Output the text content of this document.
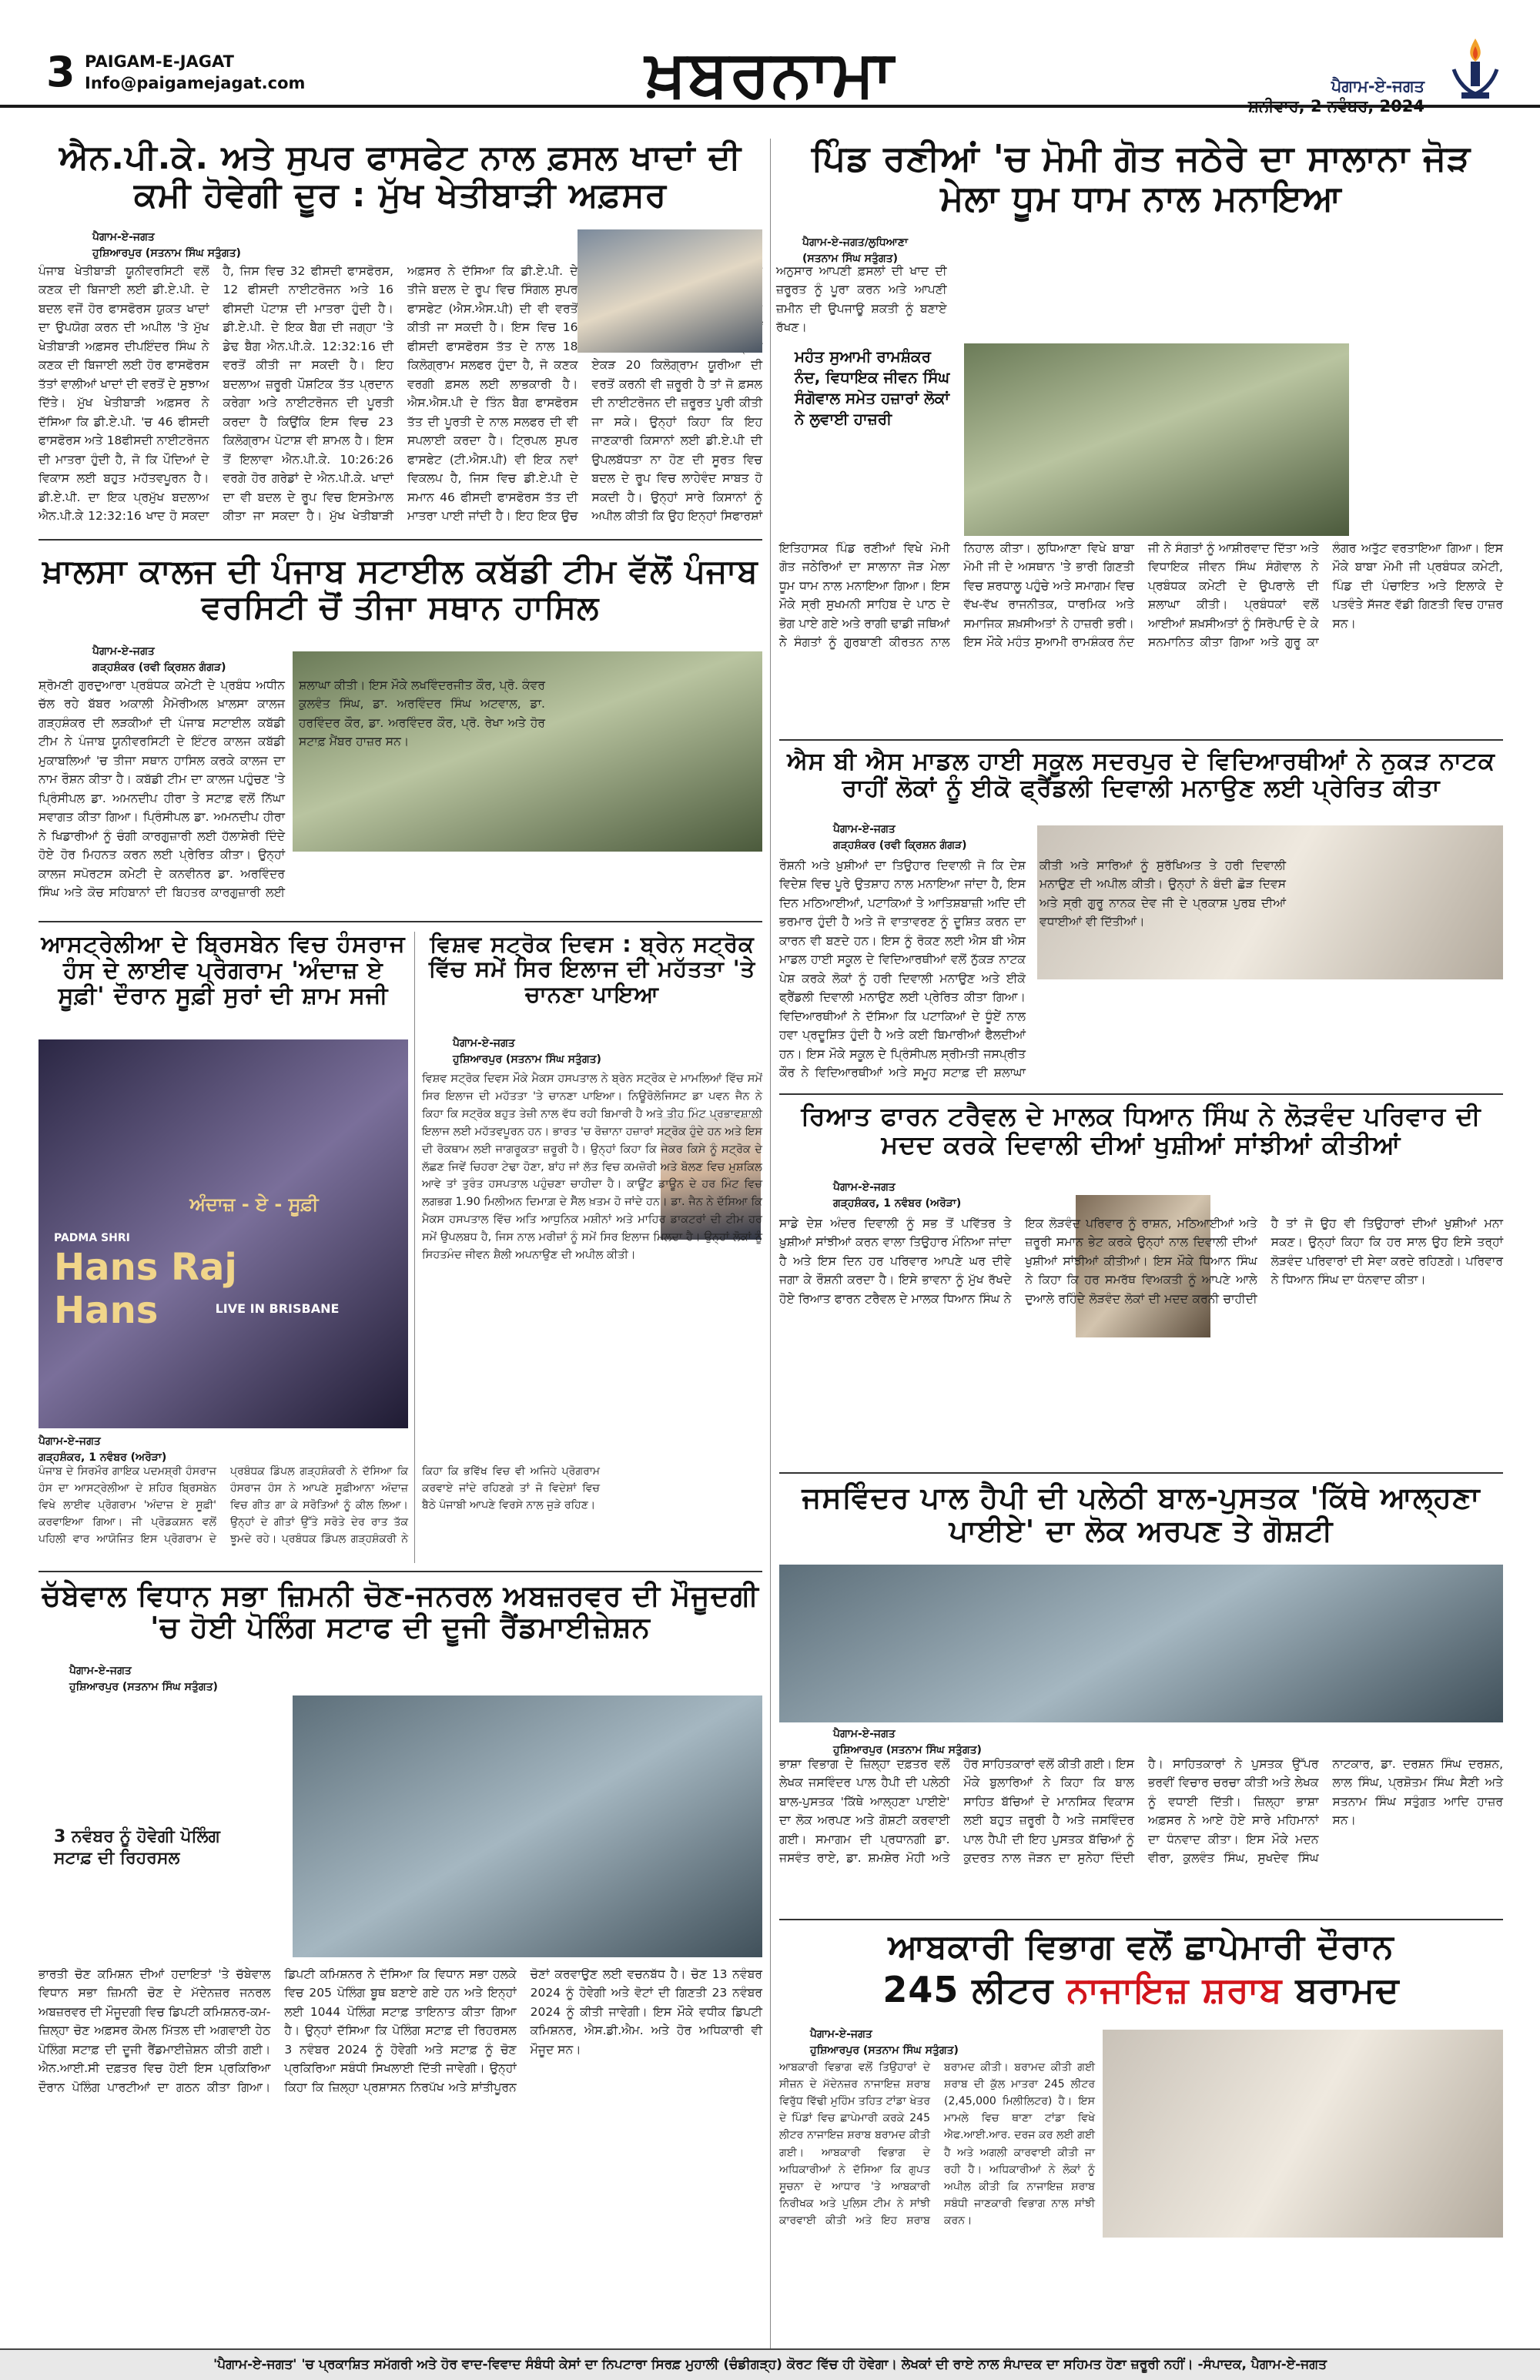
3 PAIGAM-E-JAGAT
Info@paigamejagat.com	ਖ਼ਬਰਨਾਮਾ	ਪੈਗਾਮ-ਏ-ਜਗਤ
ਸ਼ਨੀਵਾਰ, 2 ਨਵੰਬਰ, 2024
ਐਨ.ਪੀ.ਕੇ. ਅਤੇ ਸੁਪਰ ਫਾਸਫੇਟ ਨਾਲ ਫ਼ਸਲ ਖਾਦਾਂ ਦੀ ਕਮੀ ਹੋਵੇਗੀ ਦੂਰ : ਮੁੱਖ ਖੇਤੀਬਾੜੀ ਅਫ਼ਸਰ
ਪੈਗਾਮ-ਏ-ਜਗਤ
ਹੁਸ਼ਿਆਰਪੁਰ (ਸਤਨਾਮ ਸਿੰਘ ਸਤੁੰਗਤ)
ਪੰਜਾਬ ਖੇਤੀਬਾੜੀ ਯੂਨੀਵਰਸਿਟੀ ਵਲੋਂ ਕਣਕ ਦੀ ਬਿਜਾਈ ਲਈ ਡੀ.ਏ.ਪੀ. ਦੇ ਬਦਲ ਵਜੋਂ ਹੋਰ ਫਾਸਫੋਰਸ ਯੁਕਤ ਖਾਦਾਂ ਦਾ ਉਪਯੋਗ ਕਰਨ ਦੀ ਅਪੀਲ 'ਤੇ ਮੁੱਖ ਖੇਤੀਬਾੜੀ ਅਫ਼ਸਰ ਦੀਪਇੰਦਰ ਸਿੰਘ ਨੇ ਕਣਕ ਦੀ ਬਿਜਾਈ ਲਈ ਹੋਰ ਫਾਸਫੋਰਸ ਤੱਤਾਂ ਵਾਲੀਆਂ ਖਾਦਾਂ ਦੀ ਵਰਤੋਂ ਦੇ ਸੁਝਾਅ ਦਿੱਤੇ। ਮੁੱਖ ਖੇਤੀਬਾੜੀ ਅਫ਼ਸਰ ਨੇ ਦੱਸਿਆ ਕਿ ਡੀ.ਏ.ਪੀ. 'ਚ 46 ਫੀਸਦੀ ਫਾਸਫੋਰਸ ਅਤੇ 18ਫੀਸਦੀ ਨਾਈਟਰੋਜਨ ਦੀ ਮਾਤਰਾ ਹੁੰਦੀ ਹੈ, ਜੋ ਕਿ ਪੌਦਿਆਂ ਦੇ ਵਿਕਾਸ ਲਈ ਬਹੁਤ ਮਹੱਤਵਪੂਰਨ ਹੈ। ਡੀ.ਏ.ਪੀ. ਦਾ ਇਕ ਪ੍ਰਮੁੱਖ ਬਦਲਾਅ ਐਨ.ਪੀ.ਕੇ 12:32:16 ਖਾਦ ਹੋ ਸਕਦਾ ਹੈ, ਜਿਸ ਵਿਚ 32 ਫੀਸਦੀ ਫਾਸਫੋਰਸ, 12 ਫੀਸਦੀ ਨਾਈਟਰੋਜਨ ਅਤੇ 16 ਫੀਸਦੀ ਪੋਟਾਸ਼ ਦੀ ਮਾਤਰਾ ਹੁੰਦੀ ਹੈ। ਡੀ.ਏ.ਪੀ. ਦੇ ਇਕ ਬੈਗ ਦੀ ਜਗ੍ਹਾ 'ਤੇ ਡੇਢ ਬੈਗ ਐਨ.ਪੀ.ਕੇ. 12:32:16 ਦੀ ਵਰਤੋਂ ਕੀਤੀ ਜਾ ਸਕਦੀ ਹੈ। ਇਹ ਬਦਲਾਅ ਜ਼ਰੂਰੀ ਪੌਸ਼ਟਿਕ ਤੱਤ ਪ੍ਰਦਾਨ ਕਰੇਗਾ ਅਤੇ ਨਾਈਟਰੋਜਨ ਦੀ ਪੂਰਤੀ ਕਰਦਾ ਹੈ ਕਿਉਂਕਿ ਇਸ ਵਿਚ 23 ਕਿਲੋਗ੍ਰਾਮ ਪੋਟਾਸ਼ ਵੀ ਸ਼ਾਮਲ ਹੈ। ਇਸ ਤੋਂ ਇਲਾਵਾ ਐਨ.ਪੀ.ਕੇ. 10:26:26 ਵਰਗੇ ਹੋਰ ਗਰੇਡਾਂ ਦੇ ਐਨ.ਪੀ.ਕੇ. ਖਾਦਾਂ ਦਾ ਵੀ ਬਦਲ ਦੇ ਰੂਪ ਵਿਚ ਇਸਤੇਮਾਲ ਕੀਤਾ ਜਾ ਸਕਦਾ ਹੈ। ਮੁੱਖ ਖੇਤੀਬਾੜੀ ਅਫ਼ਸਰ ਨੇ ਦੱਸਿਆ ਕਿ ਡੀ.ਏ.ਪੀ. ਦੇ ਤੀਜੇ ਬਦਲ ਦੇ ਰੂਪ ਵਿਚ ਸਿੰਗਲ ਸੁਪਰ ਫਾਸਫੇਟ (ਐਸ.ਐਸ.ਪੀ) ਦੀ ਵੀ ਵਰਤੋਂ ਕੀਤੀ ਜਾ ਸਕਦੀ ਹੈ। ਇਸ ਵਿਚ 16 ਫੀਸਦੀ ਫਾਸਫੋਰਸ ਤੱਤ ਦੇ ਨਾਲ 18 ਕਿਲੋਗ੍ਰਾਮ ਸਲਫਰ ਹੁੰਦਾ ਹੈ, ਜੋ ਕਣਕ ਵਰਗੀ ਫ਼ਸਲ ਲਈ ਲਾਭਕਾਰੀ ਹੈ। ਐਸ.ਐਸ.ਪੀ ਦੇ ਤਿੰਨ ਬੈਗ ਫਾਸਫੋਰਸ ਤੱਤ ਦੀ ਪੂਰਤੀ ਦੇ ਨਾਲ ਸਲਫਰ ਦੀ ਵੀ ਸਪਲਾਈ ਕਰਦਾ ਹੈ। ਟ੍ਰਿਪਲ ਸੁਪਰ ਫਾਸਫੇਟ (ਟੀ.ਐਸ.ਪੀ) ਵੀ ਇਕ ਨਵਾਂ ਵਿਕਲਪ ਹੈ, ਜਿਸ ਵਿਚ ਡੀ.ਏ.ਪੀ ਦੇ ਸਮਾਨ 46 ਫੀਸਦੀ ਫਾਸਫੋਰਸ ਤੱਤ ਦੀ ਮਾਤਰਾ ਪਾਈ ਜਾਂਦੀ ਹੈ। ਇਹ ਇਕ ਉਚ ਏਕੜ 20 ਕਿਲੋਗ੍ਰਾਮ ਯੂਰੀਆ ਦੀ ਵਰਤੋਂ ਕਰਨੀ ਵੀ ਜ਼ਰੂਰੀ ਹੈ ਤਾਂ ਜੋ ਫ਼ਸਲ ਦੀ ਨਾਈਟਰੋਜਨ ਦੀ ਜ਼ਰੂਰਤ ਪੂਰੀ ਕੀਤੀ ਜਾ ਸਕੇ। ਉਨ੍ਹਾਂ ਕਿਹਾ ਕਿ ਇਹ ਜਾਣਕਾਰੀ ਕਿਸਾਨਾਂ ਲਈ ਡੀ.ਏ.ਪੀ ਦੀ ਉਪਲਬੱਧਤਾ ਨਾ ਹੋਣ ਦੀ ਸੂਰਤ ਵਿਚ ਬਦਲ ਦੇ ਰੂਪ ਵਿਚ ਲਾਹੇਵੰਦ ਸਾਬਤ ਹੋ ਸਕਦੀ ਹੈ। ਉਨ੍ਹਾਂ ਸਾਰੇ ਕਿਸਾਨਾਂ ਨੂੰ ਅਪੀਲ ਕੀਤੀ ਕਿ ਉਹ ਇਨ੍ਹਾਂ ਸਿਫਾਰਸ਼ਾਂ ਅਨੁਸਾਰ ਆਪਣੀ ਫ਼ਸਲਾਂ ਦੀ ਖਾਦ ਦੀ ਜ਼ਰੂਰਤ ਨੂੰ ਪੂਰਾ ਕਰਨ ਅਤੇ ਆਪਣੀ ਜ਼ਮੀਨ ਦੀ ਉਪਜਾਊ ਸ਼ਕਤੀ ਨੂੰ ਬਣਾਏ ਰੱਖਣ।
ਪਿੰਡ ਰਣੀਆਂ 'ਚ ਮੋਮੀ ਗੋਤ ਜਠੇਰੇ ਦਾ ਸਾਲਾਨਾ ਜੋੜ ਮੇਲਾ ਧੂਮ ਧਾਮ ਨਾਲ ਮਨਾਇਆ
ਪੈਗਾਮ-ਏ-ਜਗਤ/ਲੁਧਿਆਣਾ
(ਸਤਨਾਮ ਸਿੰਘ ਸਤੁੰਗਤ)
ਮਹੰਤ ਸੁਆਮੀ ਰਾਮਸ਼ੰਕਰ ਨੰਦ, ਵਿਧਾਇਕ ਜੀਵਨ ਸਿੰਘ ਸੰਗੋਵਾਲ ਸਮੇਤ ਹਜ਼ਾਰਾਂ ਲੋਕਾਂ ਨੇ ਲੁਵਾਈ ਹਾਜ਼ਰੀ
ਇਤਿਹਾਸਕ ਪਿੰਡ ਰਣੀਆਂ ਵਿਖੇ ਮੋਮੀ ਗੋਤ ਜਠੇਰਿਆਂ ਦਾ ਸਾਲਾਨਾ ਜੋੜ ਮੇਲਾ ਧੂਮ ਧਾਮ ਨਾਲ ਮਨਾਇਆ ਗਿਆ। ਇਸ ਮੌਕੇ ਸ੍ਰੀ ਸੁਖਮਨੀ ਸਾਹਿਬ ਦੇ ਪਾਠ ਦੇ ਭੋਗ ਪਾਏ ਗਏ ਅਤੇ ਰਾਗੀ ਢਾਡੀ ਜਥਿਆਂ ਨੇ ਸੰਗਤਾਂ ਨੂੰ ਗੁਰਬਾਣੀ ਕੀਰਤਨ ਨਾਲ ਨਿਹਾਲ ਕੀਤਾ। ਲੁਧਿਆਣਾ ਵਿਖੇ ਬਾਬਾ ਮੋਮੀ ਜੀ ਦੇ ਅਸਥਾਨ 'ਤੇ ਭਾਰੀ ਗਿਣਤੀ ਵਿਚ ਸ਼ਰਧਾਲੂ ਪਹੁੰਚੇ ਅਤੇ ਸਮਾਗਮ ਵਿਚ ਵੱਖ-ਵੱਖ ਰਾਜਨੀਤਕ, ਧਾਰਮਿਕ ਅਤੇ ਸਮਾਜਿਕ ਸ਼ਖ਼ਸੀਅਤਾਂ ਨੇ ਹਾਜ਼ਰੀ ਭਰੀ। ਇਸ ਮੌਕੇ ਮਹੰਤ ਸੁਆਮੀ ਰਾਮਸ਼ੰਕਰ ਨੰਦ ਜੀ ਨੇ ਸੰਗਤਾਂ ਨੂੰ ਆਸ਼ੀਰਵਾਦ ਦਿੱਤਾ ਅਤੇ ਵਿਧਾਇਕ ਜੀਵਨ ਸਿੰਘ ਸੰਗੋਵਾਲ ਨੇ ਪ੍ਰਬੰਧਕ ਕਮੇਟੀ ਦੇ ਉਪਰਾਲੇ ਦੀ ਸ਼ਲਾਘਾ ਕੀਤੀ। ਪ੍ਰਬੰਧਕਾਂ ਵਲੋਂ ਆਈਆਂ ਸ਼ਖ਼ਸੀਅਤਾਂ ਨੂੰ ਸਿਰੋਪਾਓ ਦੇ ਕੇ ਸਨਮਾਨਿਤ ਕੀਤਾ ਗਿਆ ਅਤੇ ਗੁਰੂ ਕਾ ਲੰਗਰ ਅਤੁੱਟ ਵਰਤਾਇਆ ਗਿਆ। ਇਸ ਮੌਕੇ ਬਾਬਾ ਮੋਮੀ ਜੀ ਪ੍ਰਬੰਧਕ ਕਮੇਟੀ, ਪਿੰਡ ਦੀ ਪੰਚਾਇਤ ਅਤੇ ਇਲਾਕੇ ਦੇ ਪਤਵੰਤੇ ਸੱਜਣ ਵੱਡੀ ਗਿਣਤੀ ਵਿਚ ਹਾਜ਼ਰ ਸਨ।
ਖ਼ਾਲਸਾ ਕਾਲਜ ਦੀ ਪੰਜਾਬ ਸਟਾਈਲ ਕਬੱਡੀ ਟੀਮ ਵੱਲੋਂ ਪੰਜਾਬ ਵਰਸਿਟੀ ਚੋਂ ਤੀਜਾ ਸਥਾਨ ਹਾਸਿਲ
ਪੈਗਾਮ-ਏ-ਜਗਤ
ਗੜ੍ਹਸ਼ੰਕਰ (ਰਵੀ ਕ੍ਰਿਸ਼ਨ ਗੰਗੜ)
ਸ਼੍ਰੋਮਣੀ ਗੁਰਦੁਆਰਾ ਪ੍ਰਬੰਧਕ ਕਮੇਟੀ ਦੇ ਪ੍ਰਬੰਧ ਅਧੀਨ ਚੱਲ ਰਹੇ ਬੱਬਰ ਅਕਾਲੀ ਮੈਮੋਰੀਅਲ ਖ਼ਾਲਸਾ ਕਾਲਜ ਗੜ੍ਹਸ਼ੰਕਰ ਦੀ ਲੜਕੀਆਂ ਦੀ ਪੰਜਾਬ ਸਟਾਈਲ ਕਬੱਡੀ ਟੀਮ ਨੇ ਪੰਜਾਬ ਯੂਨੀਵਰਸਿਟੀ ਦੇ ਇੰਟਰ ਕਾਲਜ ਕਬੱਡੀ ਮੁਕਾਬਲਿਆਂ 'ਚ ਤੀਜਾ ਸਥਾਨ ਹਾਸਿਲ ਕਰਕੇ ਕਾਲਜ ਦਾ ਨਾਮ ਰੌਸ਼ਨ ਕੀਤਾ ਹੈ। ਕਬੱਡੀ ਟੀਮ ਦਾ ਕਾਲਜ ਪਹੁੰਚਣ 'ਤੇ ਪ੍ਰਿੰਸੀਪਲ ਡਾ. ਅਮਨਦੀਪ ਹੀਰਾ ਤੇ ਸਟਾਫ਼ ਵਲੋਂ ਨਿੱਘਾ ਸਵਾਗਤ ਕੀਤਾ ਗਿਆ। ਪ੍ਰਿੰਸੀਪਲ ਡਾ. ਅਮਨਦੀਪ ਹੀਰਾ ਨੇ ਖਿਡਾਰੀਆਂ ਨੂੰ ਚੰਗੀ ਕਾਰਗੁਜ਼ਾਰੀ ਲਈ ਹੱਲਾਸ਼ੇਰੀ ਦਿੰਦੇ ਹੋਏ ਹੋਰ ਮਿਹਨਤ ਕਰਨ ਲਈ ਪ੍ਰੇਰਿਤ ਕੀਤਾ। ਉਨ੍ਹਾਂ ਕਾਲਜ ਸਪੋਰਟਸ ਕਮੇਟੀ ਦੇ ਕਨਵੀਨਰ ਡਾ. ਅਰਵਿੰਦਰ ਸਿੰਘ ਅਤੇ ਕੋਚ ਸਹਿਬਾਨਾਂ ਦੀ ਬਿਹਤਰ ਕਾਰਗੁਜ਼ਾਰੀ ਲਈ
ਐਸ ਬੀ ਐਸ ਮਾਡਲ ਹਾਈ ਸਕੂਲ ਸਦਰਪੁਰ ਦੇ ਵਿਦਿਆਰਥੀਆਂ ਨੇ ਨੁਕੜ ਨਾਟਕ ਰਾਹੀਂ ਲੋਕਾਂ ਨੂੰ ਈਕੋ ਫ੍ਰੈਂਡਲੀ ਦਿਵਾਲੀ ਮਨਾਉਣ ਲਈ ਪ੍ਰੇਰਿਤ ਕੀਤਾ
ਪੈਗਾਮ-ਏ-ਜਗਤ
ਗੜ੍ਹਸ਼ੰਕਰ (ਰਵੀ ਕ੍ਰਿਸ਼ਨ ਗੰਗੜ)
ਰੌਸ਼ਨੀ ਅਤੇ ਖ਼ੁਸ਼ੀਆਂ ਦਾ ਤਿਉਹਾਰ ਦਿਵਾਲੀ ਜੋ ਕਿ ਦੇਸ਼ ਵਿਦੇਸ਼ ਵਿਚ ਪੂਰੇ ਉਤਸ਼ਾਹ ਨਾਲ ਮਨਾਇਆ ਜਾਂਦਾ ਹੈ, ਇਸ ਦਿਨ ਮਠਿਆਈਆਂ, ਪਟਾਕਿਆਂ ਤੇ ਆਤਿਸ਼ਬਾਜ਼ੀ ਅਦਿ ਦੀ ਭਰਮਾਰ ਹੁੰਦੀ ਹੈ ਅਤੇ ਜੋ ਵਾਤਾਵਰਣ ਨੂੰ ਦੂਸ਼ਿਤ ਕਰਨ ਦਾ ਕਾਰਨ ਵੀ ਬਣਦੇ ਹਨ। ਇਸ ਨੂੰ ਰੋਕਣ ਲਈ ਐਸ ਬੀ ਐਸ ਮਾਡਲ ਹਾਈ ਸਕੂਲ ਦੇ ਵਿਦਿਆਰਥੀਆਂ ਵਲੋਂ ਨੁੱਕੜ ਨਾਟਕ ਪੇਸ਼ ਕਰਕੇ ਲੋਕਾਂ ਨੂੰ ਹਰੀ ਦਿਵਾਲੀ ਮਨਾਉਣ ਅਤੇ ਈਕੋ ਫ੍ਰੈਂਡਲੀ ਦਿਵਾਲੀ ਮਨਾਉਣ ਲਈ ਪ੍ਰੇਰਿਤ ਕੀਤਾ ਗਿਆ। ਵਿਦਿਆਰਥੀਆਂ ਨੇ ਦੱਸਿਆ ਕਿ ਪਟਾਕਿਆਂ ਦੇ ਧੂੰਏਂ ਨਾਲ ਹਵਾ ਪ੍ਰਦੂਸ਼ਿਤ ਹੁੰਦੀ ਹੈ ਅਤੇ ਕਈ ਬਿਮਾਰੀਆਂ ਫੈਲਦੀਆਂ ਹਨ। ਇਸ ਮੌਕੇ ਸਕੂਲ ਦੇ ਪ੍ਰਿੰਸੀਪਲ ਸ੍ਰੀਮਤੀ ਜਸਪ੍ਰੀਤ ਕੌਰ ਨੇ ਵਿਦਿਆਰਥੀਆਂ ਅਤੇ ਸਮੂਹ ਸਟਾਫ਼ ਦੀ ਸ਼ਲਾਘਾ
ਆਸਟ੍ਰੇਲੀਆ ਦੇ ਬ੍ਰਿਸਬੇਨ ਵਿਚ ਹੰਸਰਾਜ ਹੰਸ ਦੇ ਲਾਈਵ ਪ੍ਰੋਗਰਾਮ 'ਅੰਦਾਜ਼ ਏ ਸੂਫ਼ੀ' ਦੌਰਾਨ ਸੂਫ਼ੀ ਸੁਰਾਂ ਦੀ ਸ਼ਾਮ ਸਜੀ
ਅੰਦਾਜ਼ - ਏ - ਸੂਫ਼ੀ
PADMA SHRI
Hans Raj Hans	LIVE IN BRISBANE
ਪੈਗਾਮ-ਏ-ਜਗਤ
ਗੜ੍ਹਸ਼ੰਕਰ, 1 ਨਵੰਬਰ (ਅਰੋੜਾ)
ਪੰਜਾਬ ਦੇ ਸਿਰਮੌਰ ਗਾਇਕ ਪਦਮਸ਼੍ਰੀ ਹੰਸਰਾਜ ਹੰਸ ਦਾ ਆਸਟ੍ਰੇਲੀਆ ਦੇ ਸ਼ਹਿਰ ਬ੍ਰਿਸਬੇਨ ਵਿਖੇ ਲਾਈਵ ਪ੍ਰੋਗਰਾਮ 'ਅੰਦਾਜ਼ ਏ ਸੂਫ਼ੀ' ਕਰਵਾਇਆ ਗਿਆ। ਜੀ ਪ੍ਰੋਡਕਸ਼ਨ ਵਲੋਂ ਪਹਿਲੀ ਵਾਰ ਆਯੋਜਿਤ ਇਸ ਪ੍ਰੋਗਰਾਮ ਦੇ ਪ੍ਰਬੰਧਕ ਡਿੰਪਲ ਗੜ੍ਹਸ਼ੰਕਰੀ ਨੇ ਦੱਸਿਆ ਕਿ ਹੰਸਰਾਜ ਹੰਸ ਨੇ ਆਪਣੇ ਸੂਫ਼ੀਆਨਾ ਅੰਦਾਜ਼ ਵਿਚ ਗੀਤ ਗਾ ਕੇ ਸਰੋਤਿਆਂ ਨੂੰ ਕੀਲ ਲਿਆ। ਉਨ੍ਹਾਂ ਦੇ ਗੀਤਾਂ ਉੱਤੇ ਸਰੋਤੇ ਦੇਰ ਰਾਤ ਤੱਕ ਝੂਮਦੇ ਰਹੇ। ਪ੍ਰਬੰਧਕ ਡਿੰਪਲ ਗੜ੍ਹਸ਼ੰਕਰੀ ਨੇ ਕਿਹਾ ਕਿ ਭਵਿੱਖ ਵਿਚ ਵੀ ਅਜਿਹੇ ਪ੍ਰੋਗਰਾਮ ਕਰਵਾਏ ਜਾਂਦੇ ਰਹਿਣਗੇ ਤਾਂ ਜੋ ਵਿਦੇਸ਼ਾਂ ਵਿਚ ਬੈਠੇ ਪੰਜਾਬੀ ਆਪਣੇ ਵਿਰਸੇ ਨਾਲ ਜੁੜੇ ਰਹਿਣ।
ਵਿਸ਼ਵ ਸਟ੍ਰੋਕ ਦਿਵਸ : ਬ੍ਰੇਨ ਸਟ੍ਰੋਕ ਵਿੱਚ ਸਮੇਂ ਸਿਰ ਇਲਾਜ ਦੀ ਮਹੱਤਤਾ 'ਤੇ ਚਾਨਣਾ ਪਾਇਆ
ਪੈਗਾਮ-ਏ-ਜਗਤ
ਹੁਸ਼ਿਆਰਪੁਰ (ਸਤਨਾਮ ਸਿੰਘ ਸਤੁੰਗਤ)
ਵਿਸ਼ਵ ਸਟ੍ਰੋਕ ਦਿਵਸ ਮੌਕੇ ਮੈਕਸ ਹਸਪਤਾਲ ਨੇ ਬ੍ਰੇਨ ਸਟ੍ਰੋਕ ਦੇ ਮਾਮਲਿਆਂ ਵਿੱਚ ਸਮੇਂ ਸਿਰ ਇਲਾਜ ਦੀ ਮਹੱਤਤਾ 'ਤੇ ਚਾਨਣਾ ਪਾਇਆ। ਨਿਊਰੋਲੋਜਿਸਟ ਡਾ ਪਵਨ ਜੈਨ ਨੇ ਕਿਹਾ ਕਿ ਸਟ੍ਰੋਕ ਬਹੁਤ ਤੇਜ਼ੀ ਨਾਲ ਵੱਧ ਰਹੀ ਬਿਮਾਰੀ ਹੈ ਅਤੇ ਤੀਹ ਮਿੰਟ ਪ੍ਰਭਾਵਸ਼ਾਲੀ ਇਲਾਜ ਲਈ ਮਹੱਤਵਪੂਰਨ ਹਨ। ਭਾਰਤ 'ਚ ਰੋਜ਼ਾਨਾ ਹਜ਼ਾਰਾਂ ਸਟ੍ਰੋਕ ਹੁੰਦੇ ਹਨ ਅਤੇ ਇਸ ਦੀ ਰੋਕਥਾਮ ਲਈ ਜਾਗਰੂਕਤਾ ਜ਼ਰੂਰੀ ਹੈ। ਉਨ੍ਹਾਂ ਕਿਹਾ ਕਿ ਜੇਕਰ ਕਿਸੇ ਨੂੰ ਸਟ੍ਰੋਕ ਦੇ ਲੱਛਣ ਜਿਵੇਂ ਚਿਹਰਾ ਟੇਢਾ ਹੋਣਾ, ਬਾਂਹ ਜਾਂ ਲੱਤ ਵਿਚ ਕਮਜ਼ੋਰੀ ਅਤੇ ਬੋਲਣ ਵਿਚ ਮੁਸ਼ਕਿਲ ਆਵੇ ਤਾਂ ਤੁਰੰਤ ਹਸਪਤਾਲ ਪਹੁੰਚਣਾ ਚਾਹੀਦਾ ਹੈ। ਕਾਊਂਟ ਡਾਊਨ ਦੇ ਹਰ ਮਿੰਟ ਵਿਚ ਲਗਭਗ 1.90 ਮਿਲੀਅਨ ਦਿਮਾਗ਼ ਦੇ ਸੈੱਲ ਖ਼ਤਮ ਹੋ ਜਾਂਦੇ ਹਨ। ਡਾ. ਜੈਨ ਨੇ ਦੱਸਿਆ ਕਿ ਮੈਕਸ ਹਸਪਤਾਲ ਵਿੱਚ ਅਤਿ ਆਧੁਨਿਕ ਮਸ਼ੀਨਾਂ ਅਤੇ ਮਾਹਿਰ ਡਾਕਟਰਾਂ ਦੀ ਟੀਮ ਹਰ ਸਮੇਂ ਉਪਲਬਧ ਹੈ, ਜਿਸ ਨਾਲ ਮਰੀਜ਼ਾਂ ਨੂੰ ਸਮੇਂ ਸਿਰ ਇਲਾਜ ਮਿਲਦਾ ਹੈ। ਉਨ੍ਹਾਂ ਲੋਕਾਂ ਨੂੰ ਸਿਹਤਮੰਦ ਜੀਵਨ ਸ਼ੈਲੀ ਅਪਨਾਉਣ ਦੀ ਅਪੀਲ ਕੀਤੀ।
ਰਿਆਤ ਫਾਰਨ ਟਰੈਵਲ ਦੇ ਮਾਲਕ ਧਿਆਨ ਸਿੰਘ ਨੇ ਲੋੜਵੰਦ ਪਰਿਵਾਰ ਦੀ ਮਦਦ ਕਰਕੇ ਦਿਵਾਲੀ ਦੀਆਂ ਖੁਸ਼ੀਆਂ ਸਾਂਝੀਆਂ ਕੀਤੀਆਂ
ਪੈਗਾਮ-ਏ-ਜਗਤ
ਗੜ੍ਹਸ਼ੰਕਰ, 1 ਨਵੰਬਰ (ਅਰੋੜਾ)
ਸਾਡੇ ਦੇਸ਼ ਅੰਦਰ ਦਿਵਾਲੀ ਨੂੰ ਸਭ ਤੋਂ ਪਵਿੱਤਰ ਤੇ ਖ਼ੁਸ਼ੀਆਂ ਸਾਂਝੀਆਂ ਕਰਨ ਵਾਲਾ ਤਿਉਹਾਰ ਮੰਨਿਆ ਜਾਂਦਾ ਹੈ ਅਤੇ ਇਸ ਦਿਨ ਹਰ ਪਰਿਵਾਰ ਆਪਣੇ ਘਰ ਦੀਵੇ ਜਗਾ ਕੇ ਰੌਸ਼ਨੀ ਕਰਦਾ ਹੈ। ਇਸੇ ਭਾਵਨਾ ਨੂੰ ਮੁੱਖ ਰੱਖਦੇ ਹੋਏ ਰਿਆਤ ਫਾਰਨ ਟਰੈਵਲ ਦੇ ਮਾਲਕ ਧਿਆਨ ਸਿੰਘ ਨੇ ਇਕ ਲੋੜਵੰਦ ਪਰਿਵਾਰ ਨੂੰ ਰਾਸ਼ਨ, ਮਠਿਆਈਆਂ ਅਤੇ ਜ਼ਰੂਰੀ ਸਮਾਨ ਭੇਟ ਕਰਕੇ ਉਨ੍ਹਾਂ ਨਾਲ ਦਿਵਾਲੀ ਦੀਆਂ ਖੁਸ਼ੀਆਂ ਸਾਂਝੀਆਂ ਕੀਤੀਆਂ। ਇਸ ਮੌਕੇ ਧਿਆਨ ਸਿੰਘ ਨੇ ਕਿਹਾ ਕਿ ਹਰ ਸਮਰੱਥ ਵਿਅਕਤੀ ਨੂੰ ਆਪਣੇ ਆਲੇ ਦੁਆਲੇ ਰਹਿੰਦੇ ਲੋੜਵੰਦ ਲੋਕਾਂ ਦੀ ਮਦਦ ਕਰਨੀ ਚਾਹੀਦੀ ਹੈ ਤਾਂ ਜੋ ਉਹ ਵੀ ਤਿਉਹਾਰਾਂ ਦੀਆਂ ਖੁਸ਼ੀਆਂ ਮਨਾ ਸਕਣ। ਉਨ੍ਹਾਂ ਕਿਹਾ ਕਿ ਹਰ ਸਾਲ ਉਹ ਇਸੇ ਤਰ੍ਹਾਂ ਲੋੜਵੰਦ ਪਰਿਵਾਰਾਂ ਦੀ ਸੇਵਾ ਕਰਦੇ ਰਹਿਣਗੇ। ਪਰਿਵਾਰ ਨੇ ਧਿਆਨ ਸਿੰਘ ਦਾ ਧੰਨਵਾਦ ਕੀਤਾ।
ਜਸਵਿੰਦਰ ਪਾਲ ਹੈਪੀ ਦੀ ਪਲੇਠੀ ਬਾਲ-ਪੁਸਤਕ 'ਕਿੱਥੇ ਆਲ੍ਹਣਾ ਪਾਈਏ' ਦਾ ਲੋਕ ਅਰਪਣ ਤੇ ਗੋਸ਼ਟੀ
ਪੈਗਾਮ-ਏ-ਜਗਤ
ਹੁਸ਼ਿਆਰਪੁਰ (ਸਤਨਾਮ ਸਿੰਘ ਸਤੁੰਗਤ)
ਭਾਸ਼ਾ ਵਿਭਾਗ ਦੇ ਜ਼ਿਲ੍ਹਾ ਦਫ਼ਤਰ ਵਲੋਂ ਲੇਖਕ ਜਸਵਿੰਦਰ ਪਾਲ ਹੈਪੀ ਦੀ ਪਲੇਠੀ ਬਾਲ-ਪੁਸਤਕ 'ਕਿੱਥੇ ਆਲ੍ਹਣਾ ਪਾਈਏ' ਦਾ ਲੋਕ ਅਰਪਣ ਅਤੇ ਗੋਸ਼ਟੀ ਕਰਵਾਈ ਗਈ। ਸਮਾਗਮ ਦੀ ਪ੍ਰਧਾਨਗੀ ਡਾ. ਜਸਵੰਤ ਰਾਏ, ਡਾ. ਸ਼ਮਸ਼ੇਰ ਮੋਹੀ ਅਤੇ ਹੋਰ ਸਾਹਿਤਕਾਰਾਂ ਵਲੋਂ ਕੀਤੀ ਗਈ। ਇਸ ਮੌਕੇ ਬੁਲਾਰਿਆਂ ਨੇ ਕਿਹਾ ਕਿ ਬਾਲ ਸਾਹਿਤ ਬੱਚਿਆਂ ਦੇ ਮਾਨਸਿਕ ਵਿਕਾਸ ਲਈ ਬਹੁਤ ਜ਼ਰੂਰੀ ਹੈ ਅਤੇ ਜਸਵਿੰਦਰ ਪਾਲ ਹੈਪੀ ਦੀ ਇਹ ਪੁਸਤਕ ਬੱਚਿਆਂ ਨੂੰ ਕੁਦਰਤ ਨਾਲ ਜੋੜਨ ਦਾ ਸੁਨੇਹਾ ਦਿੰਦੀ ਹੈ। ਸਾਹਿਤਕਾਰਾਂ ਨੇ ਪੁਸਤਕ ਉੱਪਰ ਭਰਵੀਂ ਵਿਚਾਰ ਚਰਚਾ ਕੀਤੀ ਅਤੇ ਲੇਖਕ ਨੂੰ ਵਧਾਈ ਦਿੱਤੀ। ਜ਼ਿਲ੍ਹਾ ਭਾਸ਼ਾ ਅਫ਼ਸਰ ਨੇ ਆਏ ਹੋਏ ਸਾਰੇ ਮਹਿਮਾਨਾਂ ਦਾ ਧੰਨਵਾਦ ਕੀਤਾ। ਇਸ ਮੌਕੇ ਮਦਨ ਵੀਰਾ, ਕੁਲਵੰਤ ਸਿੰਘ, ਸੁਖਦੇਵ ਸਿੰਘ ਨਾਟਕਾਰ, ਡਾ. ਦਰਸ਼ਨ ਸਿੰਘ ਦਰਸ਼ਨ, ਲਾਲ ਸਿੰਘ, ਪ੍ਰਸ਼ੋਤਮ ਸਿੰਘ ਸੈਣੀ ਅਤੇ ਸਤਨਾਮ ਸਿੰਘ ਸਤੁੰਗਤ ਆਦਿ ਹਾਜ਼ਰ ਸਨ।
ਚੱਬੇਵਾਲ ਵਿਧਾਨ ਸਭਾ ਜ਼ਿਮਨੀ ਚੋਣ-ਜਨਰਲ ਅਬਜ਼ਰਵਰ ਦੀ ਮੌਜੂਦਗੀ 'ਚ ਹੋਈ ਪੋਲਿੰਗ ਸਟਾਫ ਦੀ ਦੂਜੀ ਰੈਂਡਮਾਈਜ਼ੇਸ਼ਨ
ਪੈਗਾਮ-ਏ-ਜਗਤ
ਹੁਸ਼ਿਆਰਪੁਰ (ਸਤਨਾਮ ਸਿੰਘ ਸਤੁੰਗਤ)
3 ਨਵੰਬਰ ਨੂੰ ਹੋਵੇਗੀ ਪੋਲਿੰਗ ਸਟਾਫ਼ ਦੀ ਰਿਹਰਸਲ
ਭਾਰਤੀ ਚੋਣ ਕਮਿਸ਼ਨ ਦੀਆਂ ਹਦਾਇਤਾਂ 'ਤੇ ਚੱਬੇਵਾਲ ਵਿਧਾਨ ਸਭਾ ਜ਼ਿਮਨੀ ਚੋਣ ਦੇ ਮੱਦੇਨਜ਼ਰ ਜਨਰਲ ਅਬਜ਼ਰਵਰ ਦੀ ਮੌਜੂਦਗੀ ਵਿਚ ਡਿਪਟੀ ਕਮਿਸ਼ਨਰ-ਕਮ-ਜ਼ਿਲ੍ਹਾ ਚੋਣ ਅਫ਼ਸਰ ਕੋਮਲ ਮਿੱਤਲ ਦੀ ਅਗਵਾਈ ਹੇਠ ਪੋਲਿੰਗ ਸਟਾਫ਼ ਦੀ ਦੂਜੀ ਰੈਂਡਮਾਈਜ਼ੇਸ਼ਨ ਕੀਤੀ ਗਈ। ਐਨ.ਆਈ.ਸੀ ਦਫ਼ਤਰ ਵਿਚ ਹੋਈ ਇਸ ਪ੍ਰਕਿਰਿਆ ਦੌਰਾਨ ਪੋਲਿੰਗ ਪਾਰਟੀਆਂ ਦਾ ਗਠਨ ਕੀਤਾ ਗਿਆ। ਡਿਪਟੀ ਕਮਿਸ਼ਨਰ ਨੇ ਦੱਸਿਆ ਕਿ ਵਿਧਾਨ ਸਭਾ ਹਲਕੇ ਵਿਚ 205 ਪੋਲਿੰਗ ਬੂਥ ਬਣਾਏ ਗਏ ਹਨ ਅਤੇ ਇਨ੍ਹਾਂ ਲਈ 1044 ਪੋਲਿੰਗ ਸਟਾਫ਼ ਤਾਇਨਾਤ ਕੀਤਾ ਗਿਆ ਹੈ। ਉਨ੍ਹਾਂ ਦੱਸਿਆ ਕਿ ਪੋਲਿੰਗ ਸਟਾਫ਼ ਦੀ ਰਿਹਰਸਲ 3 ਨਵੰਬਰ 2024 ਨੂੰ ਹੋਵੇਗੀ ਅਤੇ ਸਟਾਫ਼ ਨੂੰ ਚੋਣ ਪ੍ਰਕਿਰਿਆ ਸਬੰਧੀ ਸਿਖਲਾਈ ਦਿੱਤੀ ਜਾਵੇਗੀ। ਉਨ੍ਹਾਂ ਕਿਹਾ ਕਿ ਜ਼ਿਲ੍ਹਾ ਪ੍ਰਸ਼ਾਸਨ ਨਿਰਪੱਖ ਅਤੇ ਸ਼ਾਂਤੀਪੂਰਨ ਚੋਣਾਂ ਕਰਵਾਉਣ ਲਈ ਵਚਨਬੱਧ ਹੈ। ਚੋਣ 13 ਨਵੰਬਰ 2024 ਨੂੰ ਹੋਵੇਗੀ ਅਤੇ ਵੋਟਾਂ ਦੀ ਗਿਣਤੀ 23 ਨਵੰਬਰ 2024 ਨੂੰ ਕੀਤੀ ਜਾਵੇਗੀ। ਇਸ ਮੌਕੇ ਵਧੀਕ ਡਿਪਟੀ ਕਮਿਸ਼ਨਰ, ਐਸ.ਡੀ.ਐਮ. ਅਤੇ ਹੋਰ ਅਧਿਕਾਰੀ ਵੀ ਮੌਜੂਦ ਸਨ।
ਆਬਕਾਰੀ ਵਿਭਾਗ ਵਲੋਂ ਛਾਪੇਮਾਰੀ ਦੌਰਾਨ
245 ਲੀਟਰ ਨਾਜਾਇਜ਼ ਸ਼ਰਾਬ ਬਰਾਮਦ
ਪੈਗਾਮ-ਏ-ਜਗਤ
ਹੁਸ਼ਿਆਰਪੁਰ (ਸਤਨਾਮ ਸਿੰਘ ਸਤੁੰਗਤ)
ਆਬਕਾਰੀ ਵਿਭਾਗ ਵਲੋਂ ਤਿਉਹਾਰਾਂ ਦੇ ਸੀਜ਼ਨ ਦੇ ਮੱਦੇਨਜ਼ਰ ਨਾਜਾਇਜ਼ ਸ਼ਰਾਬ ਵਿਰੁੱਧ ਵਿੱਢੀ ਮੁਹਿੰਮ ਤਹਿਤ ਟਾਂਡਾ ਖੇਤਰ ਦੇ ਪਿੰਡਾਂ ਵਿਚ ਛਾਪੇਮਾਰੀ ਕਰਕੇ 245 ਲੀਟਰ ਨਾਜਾਇਜ਼ ਸ਼ਰਾਬ ਬਰਾਮਦ ਕੀਤੀ ਗਈ। ਆਬਕਾਰੀ ਵਿਭਾਗ ਦੇ ਅਧਿਕਾਰੀਆਂ ਨੇ ਦੱਸਿਆ ਕਿ ਗੁਪਤ ਸੂਚਨਾ ਦੇ ਆਧਾਰ 'ਤੇ ਆਬਕਾਰੀ ਨਿਰੀਖਕ ਅਤੇ ਪੁਲਿਸ ਟੀਮ ਨੇ ਸਾਂਝੀ ਕਾਰਵਾਈ ਕੀਤੀ ਅਤੇ ਇਹ ਸ਼ਰਾਬ ਬਰਾਮਦ ਕੀਤੀ। ਬਰਾਮਦ ਕੀਤੀ ਗਈ ਸ਼ਰਾਬ ਦੀ ਕੁੱਲ ਮਾਤਰਾ 245 ਲੀਟਰ (2,45,000 ਮਿਲੀਲਿਟਰ) ਹੈ। ਇਸ ਮਾਮਲੇ ਵਿਚ ਥਾਣਾ ਟਾਂਡਾ ਵਿਖੇ ਐਫ.ਆਈ.ਆਰ. ਦਰਜ ਕਰ ਲਈ ਗਈ ਹੈ ਅਤੇ ਅਗਲੀ ਕਾਰਵਾਈ ਕੀਤੀ ਜਾ ਰਹੀ ਹੈ। ਅਧਿਕਾਰੀਆਂ ਨੇ ਲੋਕਾਂ ਨੂੰ ਅਪੀਲ ਕੀਤੀ ਕਿ ਨਾਜਾਇਜ਼ ਸ਼ਰਾਬ ਸਬੰਧੀ ਜਾਣਕਾਰੀ ਵਿਭਾਗ ਨਾਲ ਸਾਂਝੀ ਕਰਨ।
'ਪੈਗਾਮ-ਏ-ਜਗਤ' 'ਚ ਪ੍ਰਕਾਸ਼ਿਤ ਸਮੱਗਰੀ ਅਤੇ ਹੋਰ ਵਾਦ-ਵਿਵਾਦ ਸੰਬੰਧੀ ਕੇਸਾਂ ਦਾ ਨਿਪਟਾਰਾ ਸਿਰਫ਼ ਮੁਹਾਲੀ (ਚੰਡੀਗੜ੍ਹ) ਕੋਰਟ ਵਿੱਚ ਹੀ ਹੋਵੇਗਾ। ਲੇਖਕਾਂ ਦੀ ਰਾਏ ਨਾਲ ਸੰਪਾਦਕ ਦਾ ਸਹਿਮਤ ਹੋਣਾ ਜ਼ਰੂਰੀ ਨਹੀਂ। -ਸੰਪਾਦਕ, ਪੈਗਾਮ-ਏ-ਜਗਤ
